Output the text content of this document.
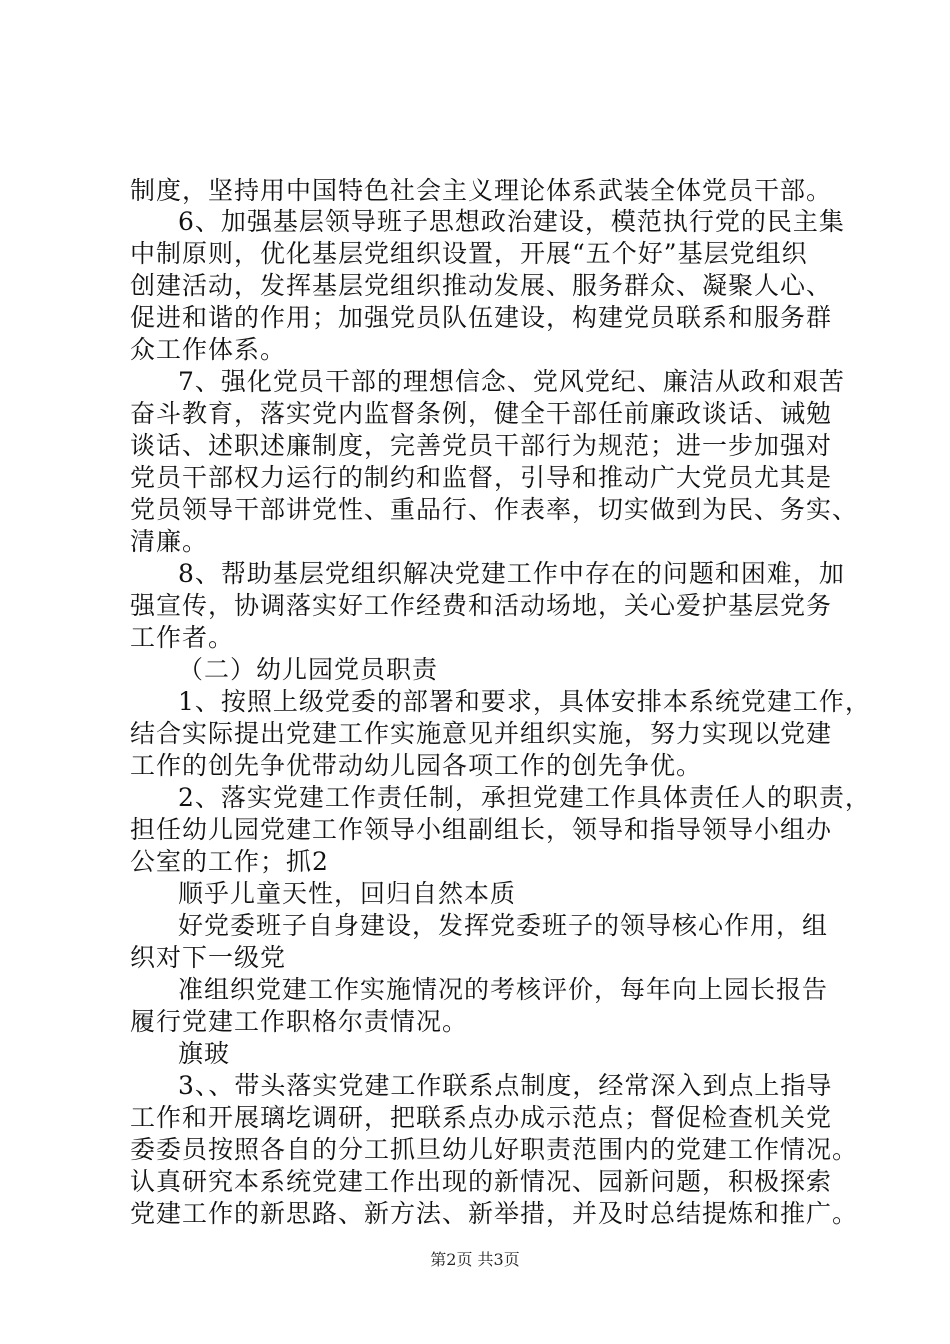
制度，坚持用中国特色社会主义理论体系武装全体党员干部。

6、加强基层领导班子思想政治建设，模范执行党的民主集

中制原则，优化基层党组织设置，开展“五个好”基层党组织

创建活动，发挥基层党组织推动发展、服务群众、凝聚人心、

促进和谐的作用；加强党员队伍建设，构建党员联系和服务群

众工作体系。

7、强化党员干部的理想信念、党风党纪、廉洁从政和艰苦

奋斗教育，落实党内监督条例，健全干部任前廉政谈话、诫勉

谈话、述职述廉制度，完善党员干部行为规范；进一步加强对

党员干部权力运行的制约和监督，引导和推动广大党员尤其是

党员领导干部讲党性、重品行、作表率，切实做到为民、务实、

清廉。

8、帮助基层党组织解决党建工作中存在的问题和困难，加

强宣传，协调落实好工作经费和活动场地，关心爱护基层党务

工作者。

（二）幼儿园党员职责

1、按照上级党委的部署和要求，具体安排本系统党建工作，

结合实际提出党建工作实施意见并组织实施，努力实现以党建

工作的创先争优带动幼儿园各项工作的创先争优。

2、落实党建工作责任制，承担党建工作具体责任人的职责，

担任幼儿园党建工作领导小组副组长，领导和指导领导小组办

公室的工作；抓2

顺乎儿童天性，回归自然本质

好党委班子自身建设，发挥党委班子的领导核心作用，组

织对下一级党

准组织党建工作实施情况的考核评价，每年向上园长报告

履行党建工作职格尔责情况。

旗玻

3、、带头落实党建工作联系点制度，经常深入到点上指导

工作和开展璃圪调研，把联系点办成示范点；督促检查机关党

委委员按照各自的分工抓旦幼儿好职责范围内的党建工作情况。

认真研究本系统党建工作出现的新情况、园新问题，积极探索

党建工作的新思路、新方法、新举措，并及时总结提炼和推广。

第2页 共3页
